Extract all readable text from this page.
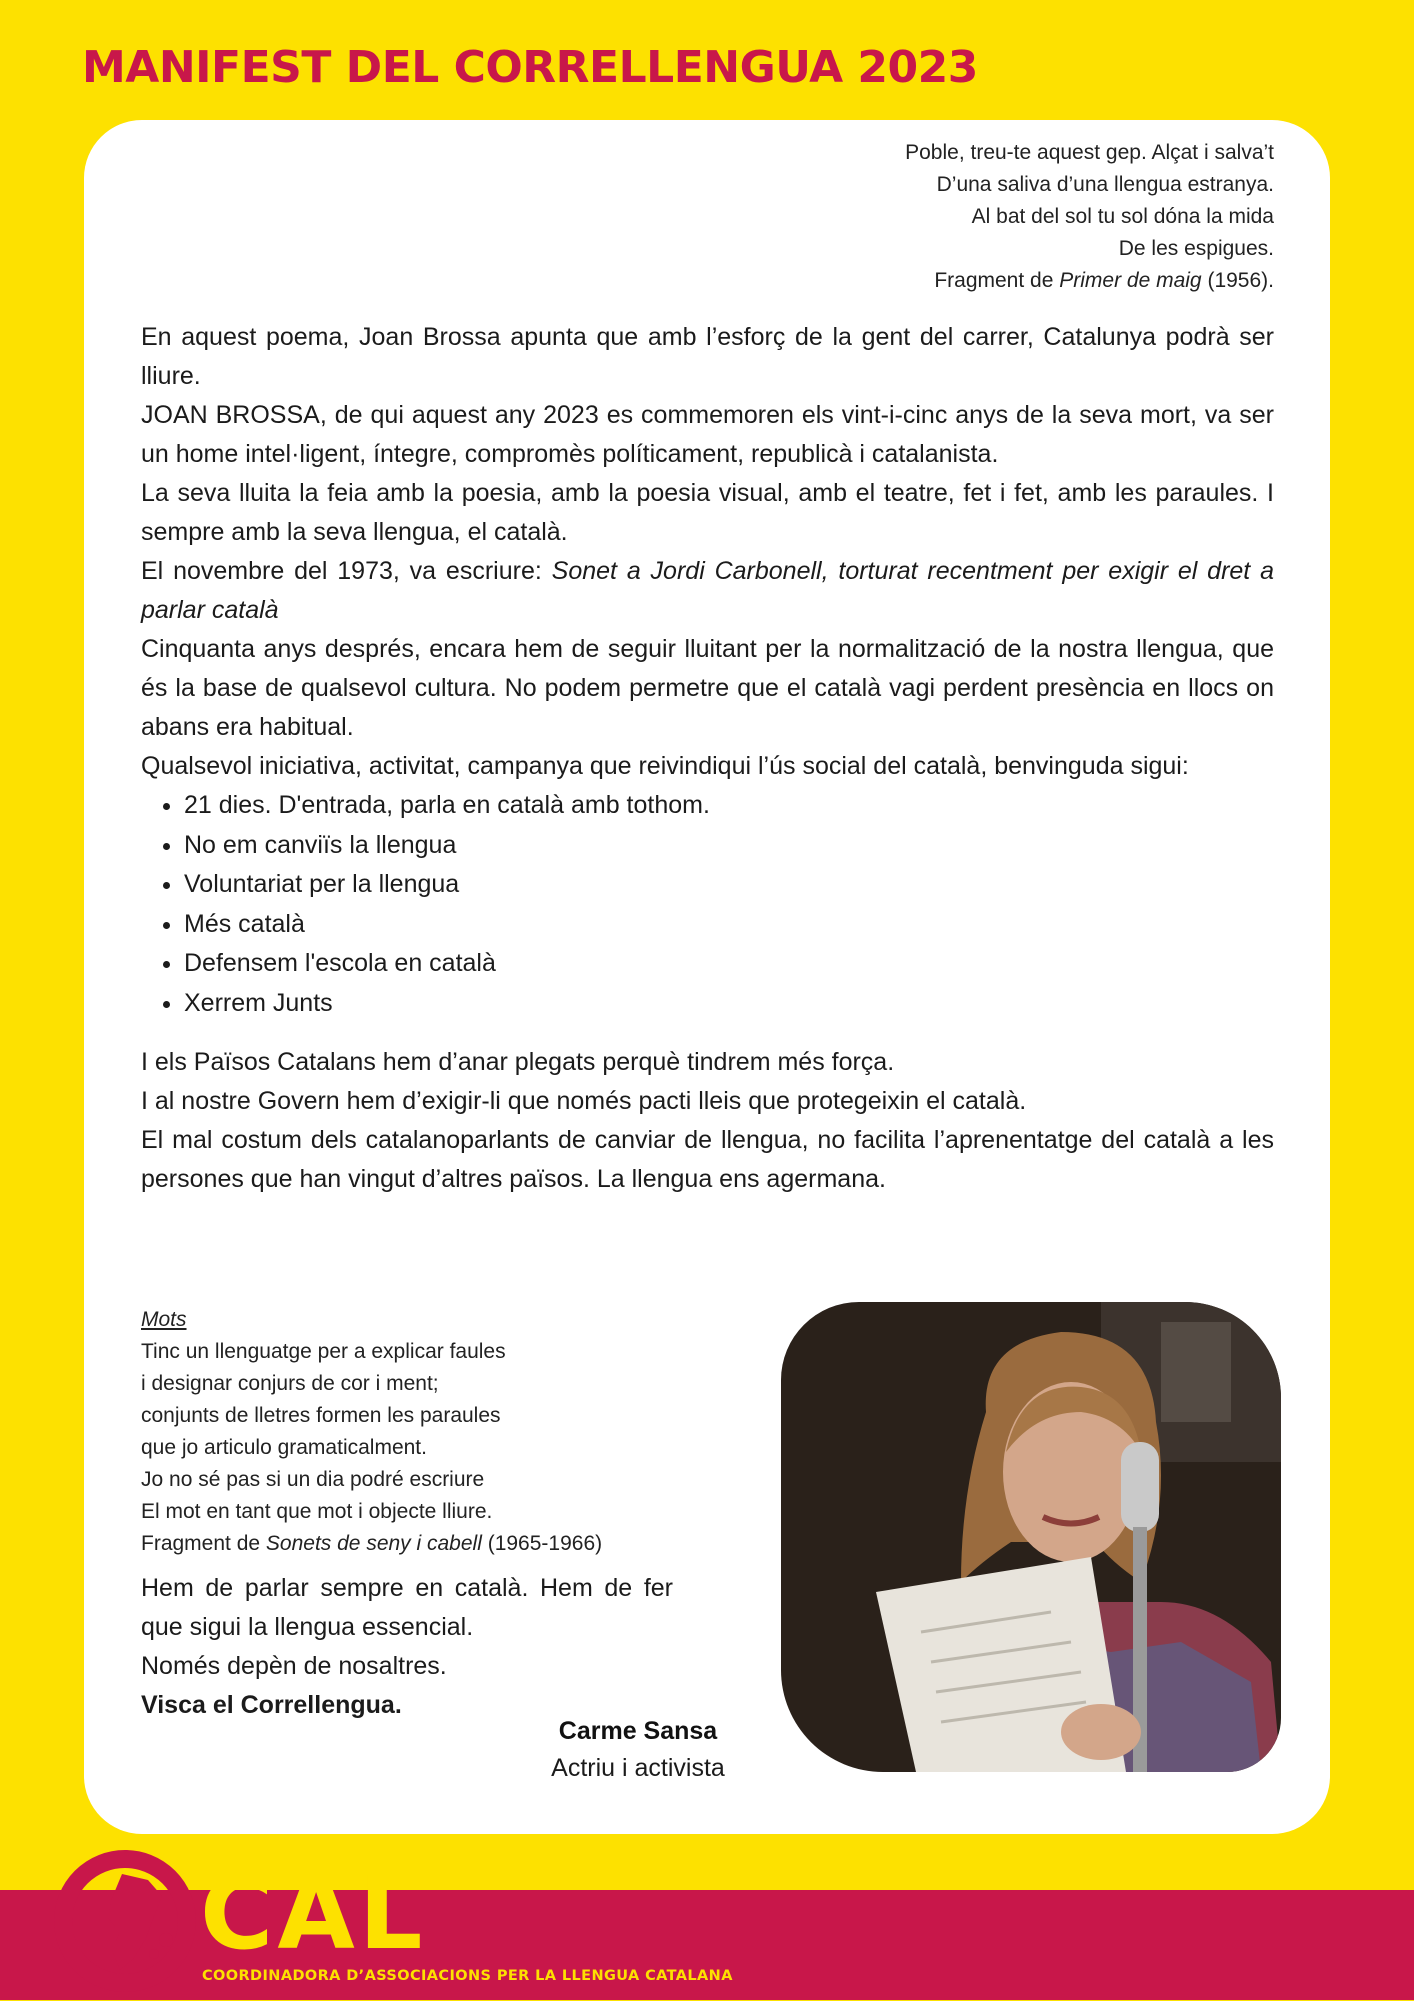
MANIFEST DEL CORRELLENGUA 2023

Poble, treu-te aquest gep. Alçat i salva’t

D’una saliva d’una llengua estranya.

Al bat del sol tu sol dóna la mida

De les espigues.

Fragment de Primer de maig (1956).

En aquest poema, Joan Brossa apunta que amb l’esforç de la gent del carrer, Catalunya podrà ser lliure.

JOAN BROSSA, de qui aquest any 2023 es commemoren els vint-i-cinc anys de la seva mort, va ser un home intel·ligent, íntegre, compromès políticament, republicà i catalanista.

La seva lluita la feia amb la poesia, amb la poesia visual, amb el teatre, fet i fet, amb les paraules. I sempre amb la seva llengua, el català.

El novembre del 1973, va escriure: Sonet a Jordi Carbonell, torturat recentment per exigir el dret a parlar català

Cinquanta anys després, encara hem de seguir lluitant per la normalització de la nostra llengua, que és la base de qualsevol cultura. No podem permetre que el català vagi perdent presència en llocs on abans era habitual.

Qualsevol iniciativa, activitat, campanya que reivindiqui l’ús social del català, benvinguda sigui:

• 21 dies. D'entrada, parla en català amb tothom.
• No em canviïs la llengua
• Voluntariat per la llengua
• Més català
• Defensem l'escola en català
• Xerrem Junts

I els Països Catalans hem d’anar plegats perquè tindrem més força.

I al nostre Govern hem d’exigir-li que només pacti lleis que protegeixin el català.

El mal costum dels catalanoparlants de canviar de llengua, no facilita l’aprenentatge del català a les persones que han vingut d’altres països. La llengua ens agermana.

Mots

Tinc un llenguatge per a explicar faules

i designar conjurs de cor i ment;

conjunts de lletres formen les paraules

que jo articulo gramaticalment.

Jo no sé pas si un dia podré escriure

El mot en tant que mot i objecte lliure.

Fragment de Sonets de seny i cabell (1965-1966)

Hem de parlar sempre en català. Hem de fer que sigui la llengua essencial.

Només depèn de nosaltres.

Visca el Correllengua.

Carme Sansa

Actriu i activista

CAL

COORDINADORA D’ASSOCIACIONS PER LA LLENGUA CATALANA
